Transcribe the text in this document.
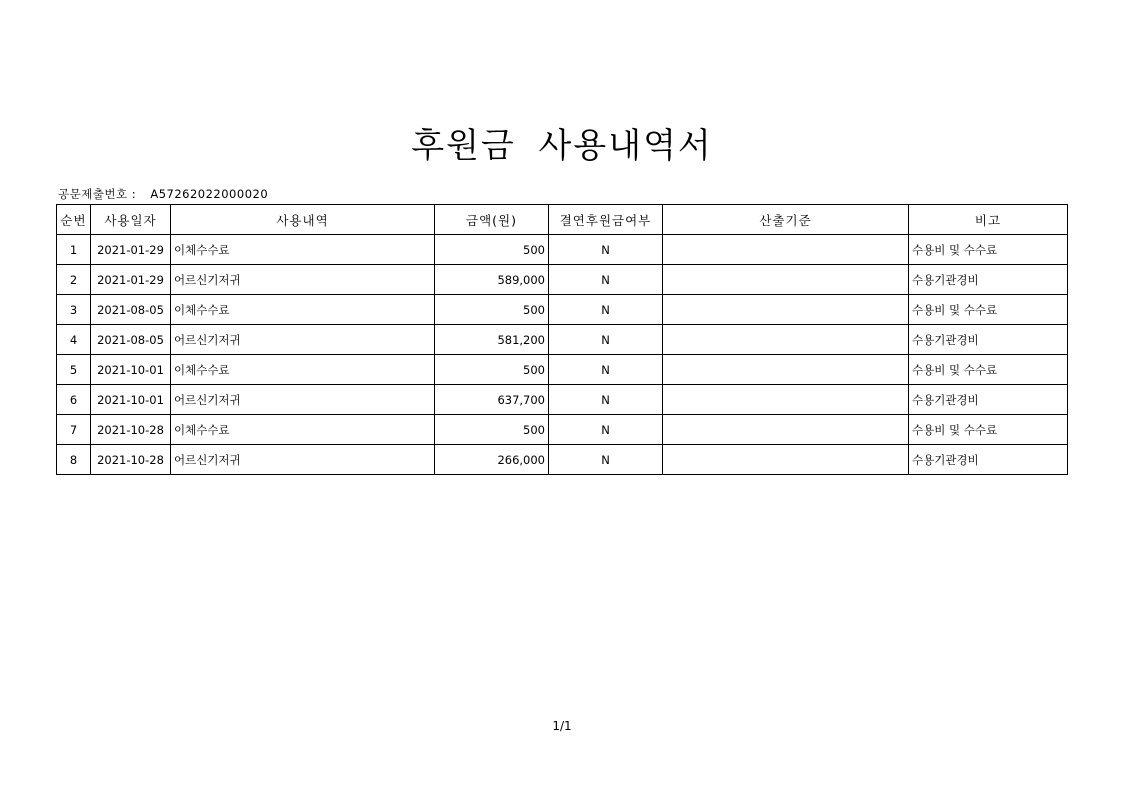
후원금 사용내역서
공문제출번호 : A57262022000020
순번	사용일자	사용내역	금액(원)	결연후원금여부	산출기준	비고
1	2021-01-29	이체수수료	500	N		수용비 및 수수료
2	2021-01-29	어르신기저귀	589,000	N		수용기관경비
3	2021-08-05	이체수수료	500	N		수용비 및 수수료
4	2021-08-05	어르신기저귀	581,200	N		수용기관경비
5	2021-10-01	이체수수료	500	N		수용비 및 수수료
6	2021-10-01	어르신기저귀	637,700	N		수용기관경비
7	2021-10-28	이체수수료	500	N		수용비 및 수수료
8	2021-10-28	어르신기저귀	266,000	N		수용기관경비
1/1
